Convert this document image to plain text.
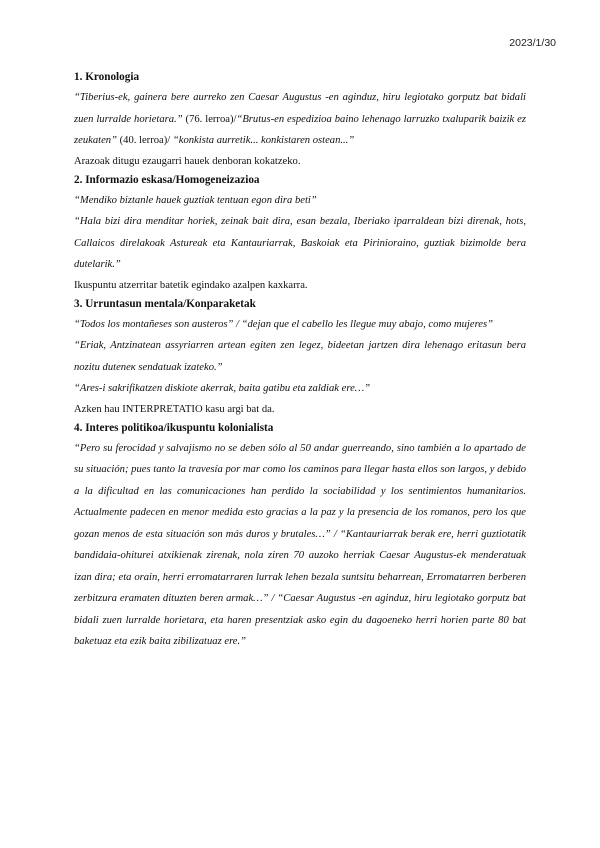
2023/1/30
1. Kronologia

“Tiberius-ek, gainera bere aurreko zen Caesar Augustus -en aginduz, hiru legiotako gorputz bat bidali zuen lurralde horietara.” (76. lerroa)/“Brutus-en espedizioa baino lehenago larruzko txaluparik baizik ez zeukaten” (40. lerroa)/ “konkista aurretik... konkistaren ostean...”

Arazoak ditugu ezaugarri hauek denboran kokatzeko.

2. Informazio eskasa/Homogeneizazioa

“Mendiko biztanle hauek guztiak tentuan egon dira beti”

“Hala bizi dira menditar horiek, zeinak bait dira, esan bezala, Iberiako iparraldean bizi direnak, hots, Callaicos direlakoak Astureak eta Kantauriarrak, Baskoiak eta Pirinioraino, guztiak bizimolde bera dutelarik.”

Ikuspuntu atzerritar batetik egindako azalpen kaxkarra.

3. Urruntasun mentala/Konparaketak

“Todos los montañeses son austeros” / “dejan que el cabello les llegue muy abajo, como mujeres”

“Eriak, Antzinatean assyriarren artean egiten zen legez, bideetan jartzen dira lehenago eritasun bera nozitu duteneк sendatuak izateko.”

“Ares-i sakrifikatzen diskiote akerrak, baita gatibu eta zaldiak ere…”

Azken hau INTERPRETATIO kasu argi bat da.

4. Interes politikoa/ikuspuntu kolonialista

“Pero su ferocidad y salvajismo no se deben sólo al 50 andar guerreando, sino también a lo apartado de su situación; pues tanto la travesía por mar como los caminos para llegar hasta ellos son largos, y debido a la dificultad en las comunicaciones han perdido la sociabilidad y los sentimientos humanitarios. Actualmente padecen en menor medida esto gracias a la paz y la presencia de los romanos, pero los que gozan menos de esta situación son más duros y brutales…” / “Kantauriarrak berak ere, herri guztiotatik bandidaia-ohiturei atxikienak zirenak, nola ziren 70 auzoko herriak Caesar Augustus-ek menderatuak izan dira; eta orain, herri erromatarraren lurrak lehen bezala suntsitu beharrean, Erromatarren berberen zerbitzura eramaten dituzten beren armak…” / “Caesar Augustus -en aginduz, hiru legiotako gorputz bat bidali zuen lurralde horietara, eta haren presentziak asko egin du dagoeneko herri horien parte 80 bat baketuaz eta ezik baita zibilizatuaz ere.”
